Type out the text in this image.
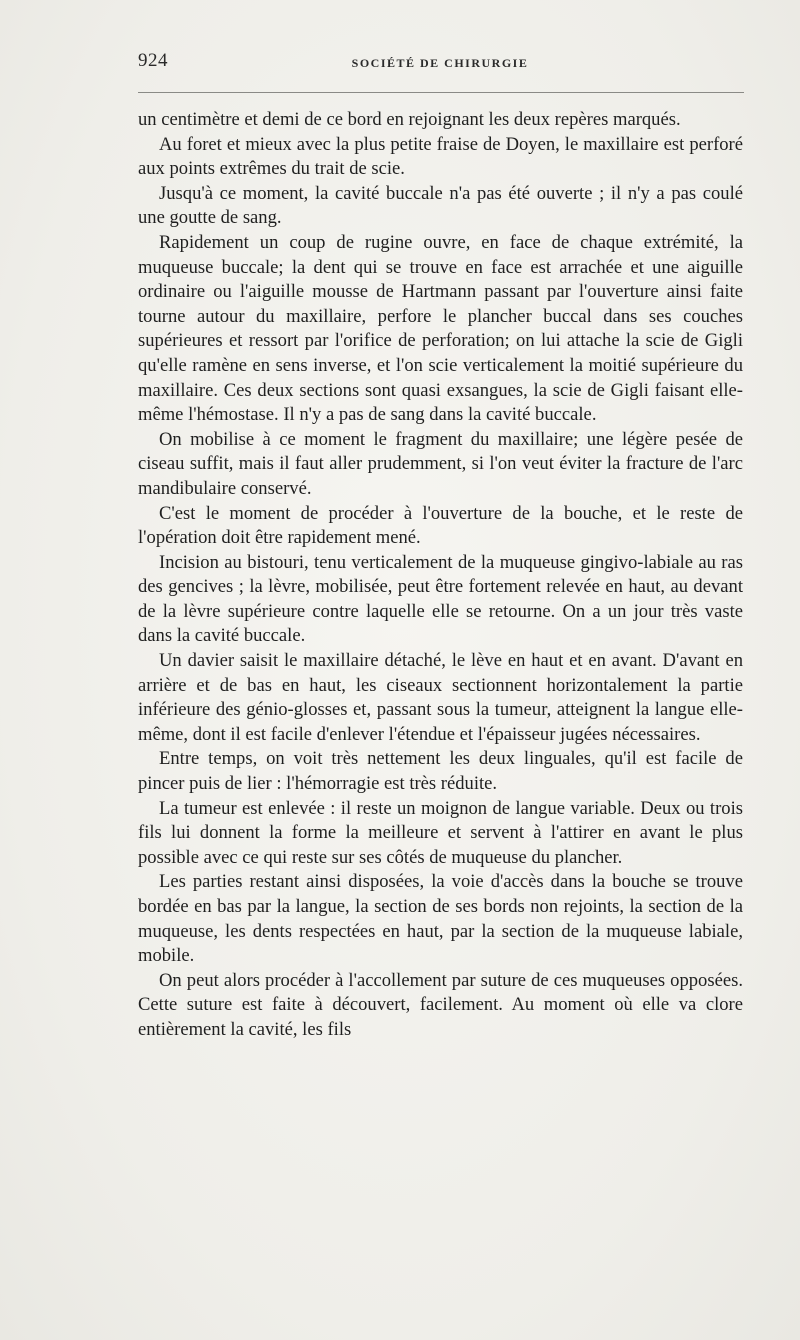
924	SOCIÉTÉ DE CHIRURGIE

un centimètre et demi de ce bord en rejoignant les deux repères marqués.

Au foret et mieux avec la plus petite fraise de Doyen, le maxillaire est perforé aux points extrêmes du trait de scie.

Jusqu'à ce moment, la cavité buccale n'a pas été ouverte ; il n'y a pas coulé une goutte de sang.

Rapidement un coup de rugine ouvre, en face de chaque extrémité, la muqueuse buccale; la dent qui se trouve en face est arrachée et une aiguille ordinaire ou l'aiguille mousse de Hartmann passant par l'ouverture ainsi faite tourne autour du maxillaire, perfore le plancher buccal dans ses couches supérieures et ressort par l'orifice de perforation; on lui attache la scie de Gigli qu'elle ramène en sens inverse, et l'on scie verticalement la moitié supérieure du maxillaire. Ces deux sections sont quasi exsangues, la scie de Gigli faisant elle-même l'hémostase. Il n'y a pas de sang dans la cavité buccale.

On mobilise à ce moment le fragment du maxillaire; une légère pesée de ciseau suffit, mais il faut aller prudemment, si l'on veut éviter la fracture de l'arc mandibulaire conservé.

C'est le moment de procéder à l'ouverture de la bouche, et le reste de l'opération doit être rapidement mené.

Incision au bistouri, tenu verticalement de la muqueuse gingivo-labiale au ras des gencives ; la lèvre, mobilisée, peut être fortement relevée en haut, au devant de la lèvre supérieure contre laquelle elle se retourne. On a un jour très vaste dans la cavité buccale.

Un davier saisit le maxillaire détaché, le lève en haut et en avant. D'avant en arrière et de bas en haut, les ciseaux sectionnent horizontalement la partie inférieure des génio-glosses et, passant sous la tumeur, atteignent la langue elle-même, dont il est facile d'enlever l'étendue et l'épaisseur jugées nécessaires.

Entre temps, on voit très nettement les deux linguales, qu'il est facile de pincer puis de lier : l'hémorragie est très réduite.

La tumeur est enlevée : il reste un moignon de langue variable. Deux ou trois fils lui donnent la forme la meilleure et servent à l'attirer en avant le plus possible avec ce qui reste sur ses côtés de muqueuse du plancher.

Les parties restant ainsi disposées, la voie d'accès dans la bouche se trouve bordée en bas par la langue, la section de ses bords non rejoints, la section de la muqueuse, les dents respectées en haut, par la section de la muqueuse labiale, mobile.

On peut alors procéder à l'accollement par suture de ces muqueuses opposées. Cette suture est faite à découvert, facilement. Au moment où elle va clore entièrement la cavité, les fils
